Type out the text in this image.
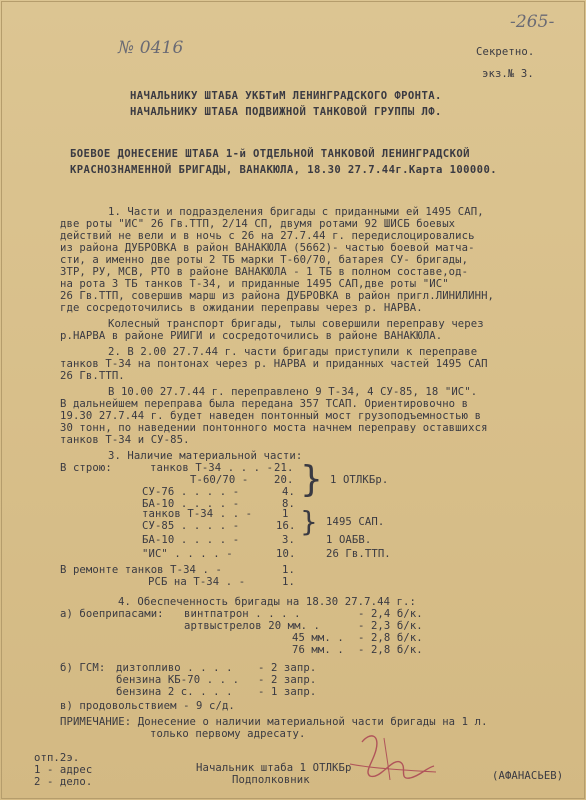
-265-
№ 0416	Секретно.
экз.№ 3.
НАЧАЛЬНИКУ ШТАБА УКБТиМ ЛЕНИНГРАДСКОГО ФРОНТА.
НАЧАЛЬНИКУ ШТАБА ПОДВИЖНОЙ ТАНКОВОЙ ГРУППЫ ЛФ.
БОЕВОЕ ДОНЕСЕНИЕ ШТАБА 1-й ОТДЕЛЬНОЙ ТАНКОВОЙ ЛЕНИНГРАДСКОЙ
КРАСНОЗНАМЕННОЙ БРИГАДЫ, ВАНАКЮЛА, 18.30 27.7.44г.Карта 100000.
1. Части и подразделения бригады с приданными ей 1495 САП,
две роты "ИС" 26 Гв.ТТП, 2/14 СП, двумя ротами 92 ШИСБ боевых
действий не вели и в ночь с 26 на 27.7.44 г. передислоцировались
из района ДУБРОВКА в район ВАНАКЮЛА (5662)- частью боевой матча-
сти, а именно две роты 2 ТБ марки Т-60/70, батарея СУ- бригады,
ЗТР, РУ, МСВ, РТО в районе ВАНАКЮЛА - 1 ТБ в полном составе,од-
на рота 3 ТБ танков Т-34, и приданные 1495 САП,две роты "ИС"
26 Гв.ТТП, совершив марш из района ДУБРОВКА в район пригл.ЛИНИЛИНН,
где сосредоточились в ожидании переправы через р. НАРВА.
Колесный транспорт бригады, тылы совершили переправу через
р.НАРВА в районе РИИГИ и сосредоточились в районе ВАНАКЮЛА.
2. В 2.00 27.7.44 г. части бригады приступили к переправе
танков Т-34 на понтонах через р. НАРВА и приданных частей 1495 САП
26 Гв.ТТП.
В 10.00 27.7.44 г. переправлено 9 Т-34, 4 СУ-85, 18 "ИС".
В дальнейшем переправа была передана 357 ТСАП. Ориентировочно в
19.30 27.7.44 г. будет наведен понтонный мост грузоподъемностью в
30 тонн, по наведении понтонного моста начнем переправу оставшихся
танков Т-34 и СУ-85.
3. Наличие материальной части:
В строю:	танков Т-34 . . . - 21.
Т-60/70 - 20.
СУ-76 . . . . -	4.
БА-10 . . . . -	8.
} 1 ОТЛКБр.
танков Т-34 . . -	1
СУ-85 . . . . -	16. } 1495 САП.
БА-10 . . . . -	3.	1 ОАБВ.
"ИС" . . . . -	10.	26 Гв.ТТП.
В ремонте танков Т-34 . -	1.
РСБ на Т-34 . -	1.
4. Обеспеченность бригады на 18.30 27.7.44 г.:
а) боеприпасами: винтпатрон . . . .	- 2,4 б/к.
артвыстрелов 20 мм. .	- 2,3 б/к.
45 мм. . - 2,8 б/к.
76 мм. . - 2,8 б/к.
б) ГСМ: дизтопливо . . . . - 2 запр.
бензина КБ-70 . . . - 2 запр.
бензина 2 с. . . . - 1 запр.
в) продовольствием - 9 с/д.
ПРИМЕЧАНИЕ: Донесение о наличии материальной части бригады на 1 л.
только первому адресату.
отп.2э.
1 - адрес
2 - дело.
Начальник штаба 1 ОТЛКБр
Подполковник	(АФАНАСЬЕВ)
